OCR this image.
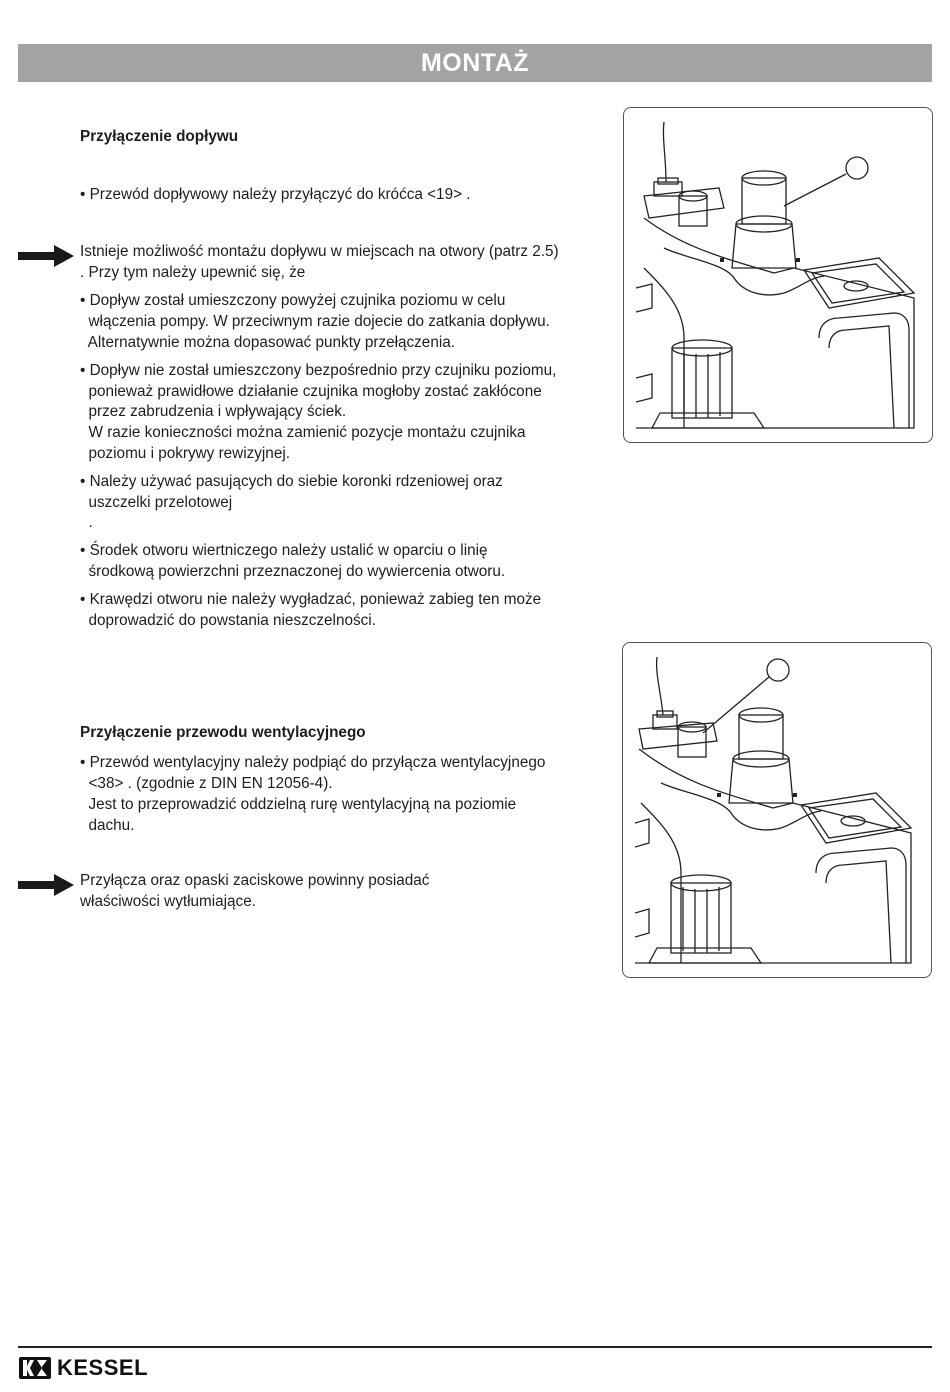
MONTAŻ
Przyłączenie dopływu
• Przewód dopływowy należy przyłączyć do króćca <19> .
Istnieje możliwość montażu dopływu w miejscach na otwory (patrz 2.5)
. Przy tym należy upewnić się, że
• Dopływ został umieszczony powyżej czujnika poziomu w celu
włączenia pompy. W przeciwnym razie dojecie do zatkania dopływu.
Alternatywnie można dopasować punkty przełączenia.
• Dopływ nie został umieszczony bezpośrednio przy czujniku poziomu,
ponieważ prawidłowe działanie czujnika mogłoby zostać zakłócone
przez zabrudzenia i wpływający ściek.
W razie konieczności można zamienić pozycje montażu czujnika
poziomu i pokrywy rewizyjnej.
• Należy używać pasujących do siebie koronki rdzeniowej oraz
uszczelki przelotowej
.
• Środek otworu wiertniczego należy ustalić w oparciu o linię
środkową powierzchni przeznaczonej do wywiercenia otworu.
• Krawędzi otworu nie należy wygładzać, ponieważ zabieg ten może
doprowadzić do powstania nieszczelności.
Przyłączenie przewodu wentylacyjnego
• Przewód wentylacyjny należy podpiąć do przyłącza wentylacyjnego
<38> . (zgodnie z DIN EN 12056-4).
Jest to przeprowadzić oddzielną rurę wentylacyjną na poziomie
dachu.
Przyłącza oraz opaski zaciskowe powinny posiadać
właściwości wytłumiające.
KESSEL
